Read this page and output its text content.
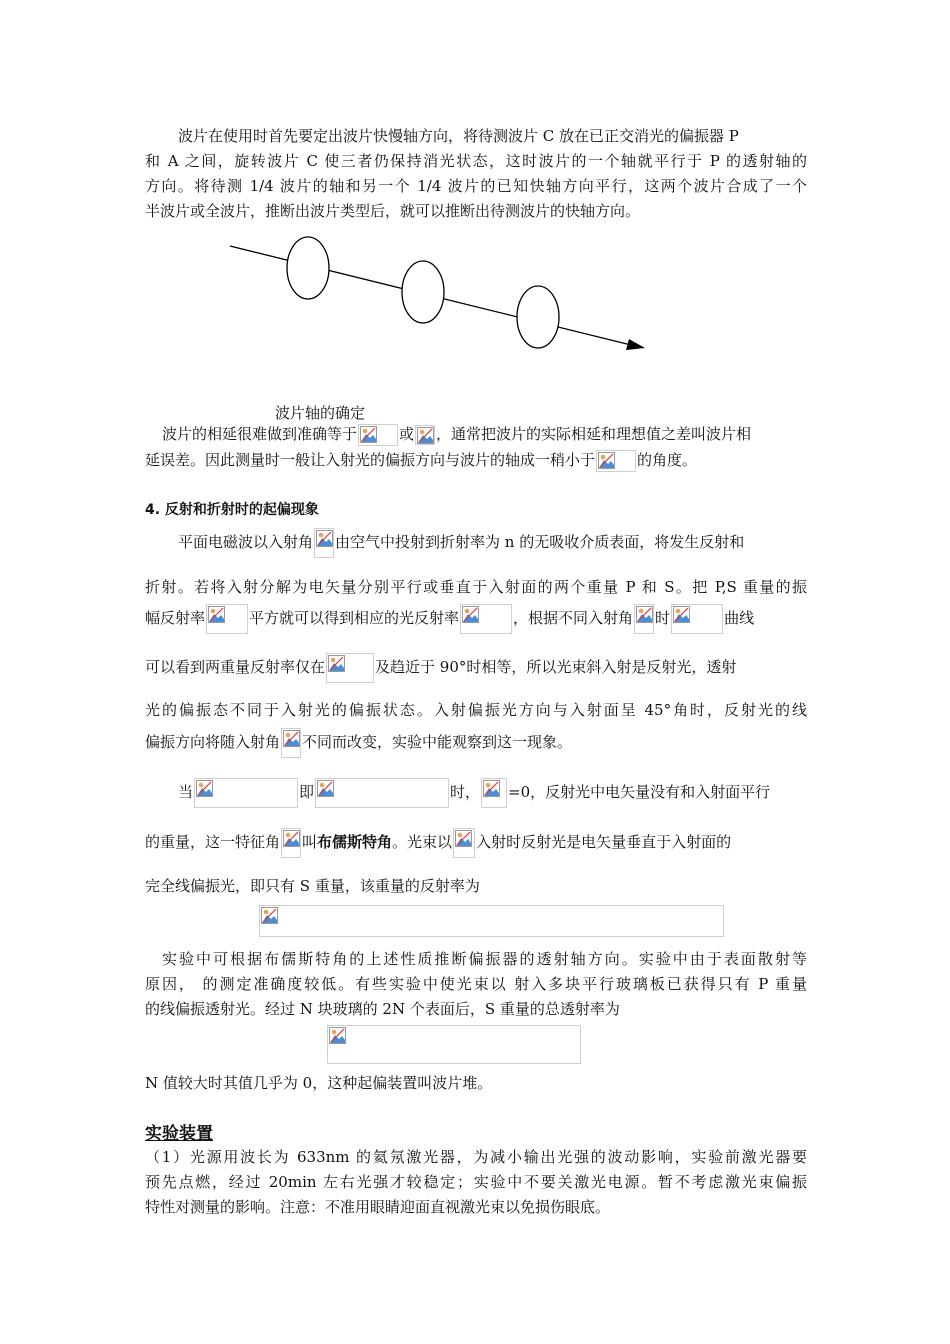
波片在使用时首先要定出波片快慢轴方向，将待测波片 C 放在已正交消光的偏振器 P
和 A 之间，旋转波片 C 使三者仍保持消光状态，这时波片的一个轴就平行于 P 的透射轴的
方向。将待测 1/4 波片的轴和另一个 1/4 波片的已知快轴方向平行，这两个波片合成了一个
半波片或全波片，推断出波片类型后，就可以推断出待测波片的快轴方向。
波片轴的确定
波片的相延很难做到准确等于	或 ，通常把波片的实际相延和理想值之差叫波片相
延误差。因此测量时一般让入射光的偏振方向与波片的轴成一稍小于	的角度。
4. 反射和折射时的起偏现象
平面电磁波以入射角 由空气中投射到折射率为 n 的无吸收介质表面，将发生反射和
折射。若将入射分解为电矢量分别平行或垂直于入射面的两个重量 P 和 S。把 P,S 重量的振
幅反射率	平方就可以得到相应的光反射率	，根据不同入射角 时	曲线
可以看到两重量反射率仅在	及趋近于 90°时相等，所以光束斜入射是反射光，透射
光的偏振态不同于入射光的偏振状态。入射偏振光方向与入射面呈 45°角时，反射光的线
偏振方向将随入射角 不同而改变，实验中能观察到这一现象。
当	即	时， =0，反射光中电矢量没有和入射面平行
的重量，这一特征角 叫布儒斯特角。光束以 入射时反射光是电矢量垂直于入射面的
完全线偏振光，即只有 S 重量，该重量的反射率为
实验中可根据布儒斯特角的上述性质推断偏振器的透射轴方向。实验中由于表面散射等
原因， 的测定准确度较低。有些实验中使光束以 射入多块平行玻璃板已获得只有 P 重量
的线偏振透射光。经过 N 块玻璃的 2N 个表面后，S 重量的总透射率为
N 值较大时其值几乎为 0，这种起偏装置叫波片堆。
实验装置
（1）光源用波长为 633nm 的氦氖激光器，为减小输出光强的波动影响，实验前激光器要
预先点燃，经过 20min 左右光强才较稳定；实验中不要关激光电源。暂不考虑激光束偏振
特性对测量的影响。注意：不准用眼睛迎面直视激光束以免损伤眼底。
